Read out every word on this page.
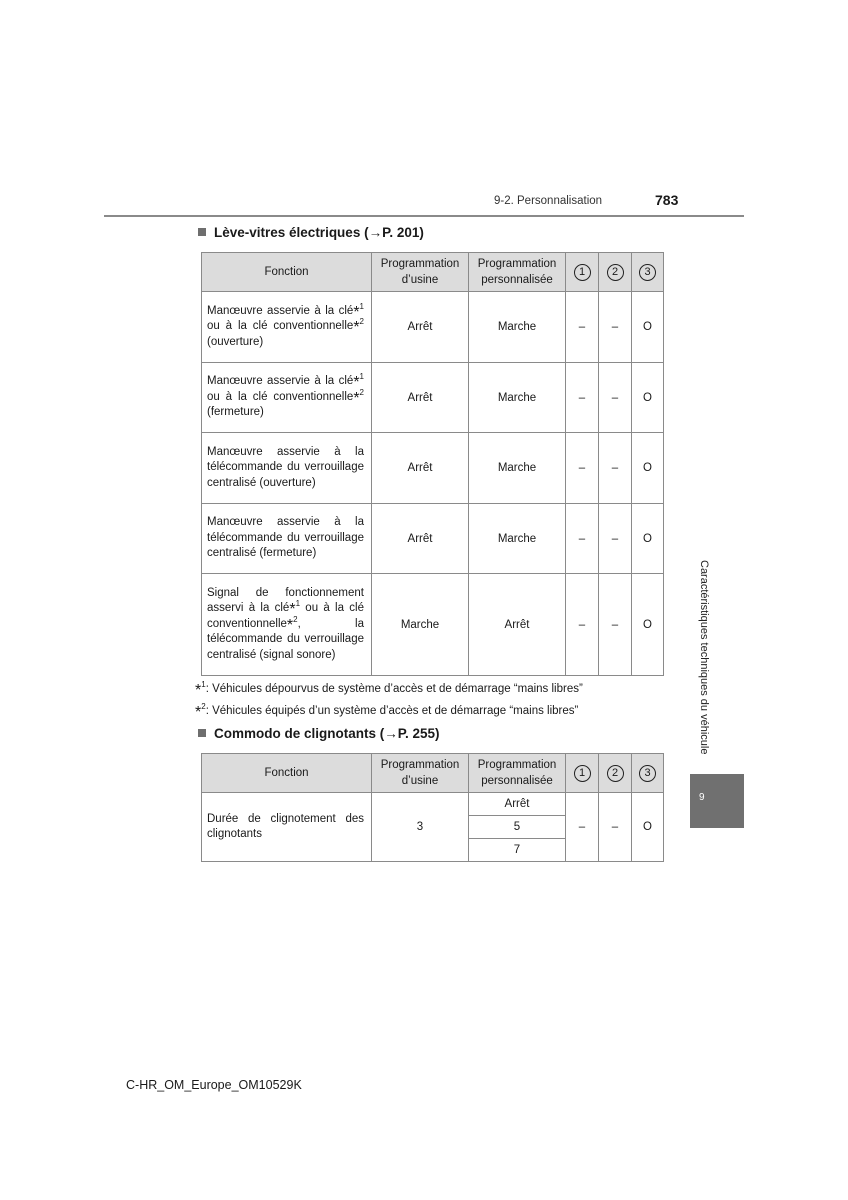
9-2. Personnalisation	783
Lève-vitres électriques (→P. 201)
Fonction	Programmation d’usine	Programmation personnalisée	1	2	3
Manœuvre asservie à la clé*$^1$ ou à la clé conventionnelle*$^2$ (ouverture)	Arrêt	Marche	–	–	O
Manœuvre asservie à la clé*$^1$ ou à la clé conventionnelle*$^2$ (fermeture)	Arrêt	Marche	–	–	O
Manœuvre asservie à la télécommande du verrouillage centralisé (ouverture)	Arrêt	Marche	–	–	O
Manœuvre asservie à la télécommande du verrouillage centralisé (fermeture)	Arrêt	Marche	–	–	O
Signal de fonctionnement asservi à la clé*$^1$ ou à la clé conventionnelle*$^2$, la télécommande du verrouillage centralisé (signal sonore)	Marche	Arrêt	–	–	O
*$^1$: Véhicules dépourvus de système d’accès et de démarrage “mains libres”
*$^2$: Véhicules équipés d’un système d’accès et de démarrage “mains libres”
Commodo de clignotants (→P. 255)
Fonction	Programmation d’usine	Programmation personnalisée	1	2	3
Durée de clignotement des clignotants	3	Arrêt	–	–	O
		5			
		7			
Caractéristiques techniques du véhicule
9
C-HR_OM_Europe_OM10529K
